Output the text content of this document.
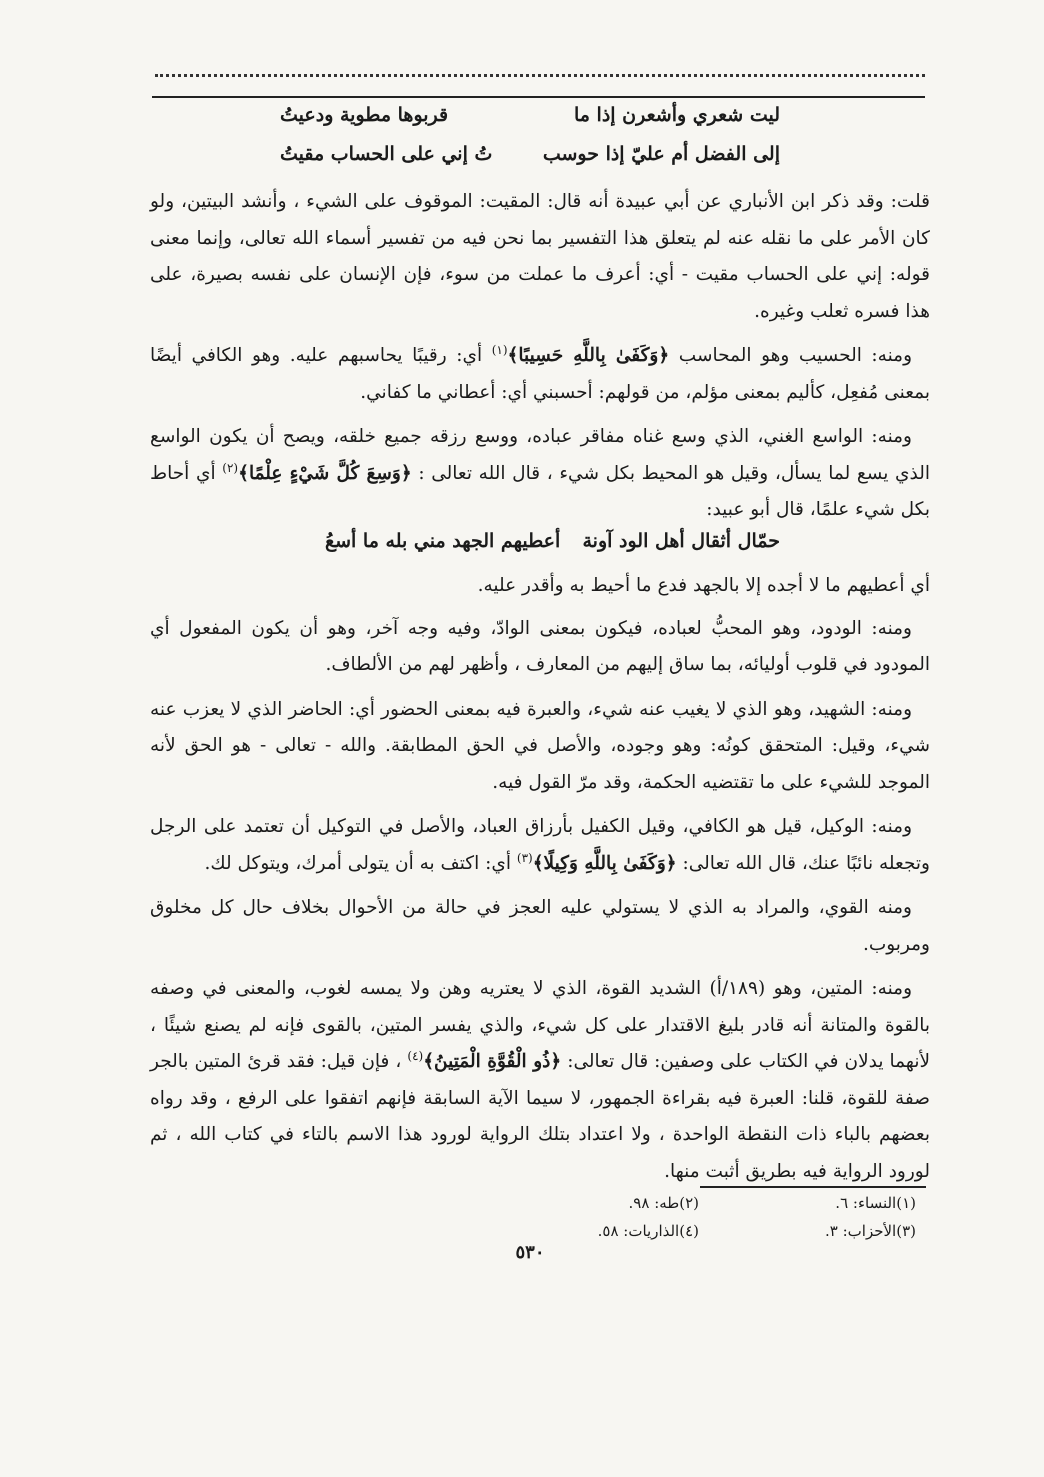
ليت شعري وأشعرن إذا ما
قربوها مطوية ودعيتُ
إلى الفضل أم عليّ إذا حوسب
تُ إني على الحساب مقيتُ

قلت: وقد ذكر ابن الأنباري عن أبي عبيدة أنه قال: المقيت: الموقوف على الشيء ، وأنشد البيتين، ولو كان الأمر على ما نقله عنه لم يتعلق هذا التفسير بما نحن فيه من تفسير أسماء الله تعالى، وإنما معنى قوله: إني على الحساب مقيت - أي: أعرف ما عملت من سوء، فإن الإنسان على نفسه بصيرة، على هذا فسره ثعلب وغيره.

ومنه: الحسيب وهو المحاسب ﴿وَكَفَىٰ بِاللَّهِ حَسِيبًا﴾$^{(١)}$ أي: رقيبًا يحاسبهم عليه. وهو الكافي أيضًا بمعنى مُفعِل، كأليم بمعنى مؤلم، من قولهم: أحسبني أي: أعطاني ما كفاني.

ومنه: الواسع الغني، الذي وسع غناه مفاقر عباده، ووسع رزقه جميع خلقه، ويصح أن يكون الواسع الذي يسع لما يسأل، وقيل هو المحيط بكل شيء ، قال الله تعالى : ﴿وَسِعَ كُلَّ شَيْءٍ عِلْمًا﴾$^{(٢)}$ أي أحاط بكل شيء علمًا، قال أبو عبيد:

حمّال أثقال أهل الود آونة
أعطيهم الجهد مني بله ما أسعُ

أي أعطيهم ما لا أجده إلا بالجهد فدع ما أحيط به وأقدر عليه.

ومنه: الودود، وهو المحبُّ لعباده، فيكون بمعنى الوادّ، وفيه وجه آخر، وهو أن يكون المفعول أي المودود في قلوب أوليائه، بما ساق إليهم من المعارف ، وأظهر لهم من الألطاف.

ومنه: الشهيد، وهو الذي لا يغيب عنه شيء، والعبرة فيه بمعنى الحضور أي: الحاضر الذي لا يعزب عنه شيء، وقيل: المتحقق كونُه: وهو وجوده، والأصل في الحق المطابقة. والله - تعالى - هو الحق لأنه الموجد للشيء على ما تقتضيه الحكمة، وقد مرّ القول فيه.

ومنه: الوكيل، قيل هو الكافي، وقيل الكفيل بأرزاق العباد، والأصل في التوكيل أن تعتمد على الرجل وتجعله نائبًا عنك، قال الله تعالى: ﴿وَكَفَىٰ بِاللَّهِ وَكِيلًا﴾$^{(٣)}$ أي: اكتف به أن يتولى أمرك، ويتوكل لك.

ومنه القوي، والمراد به الذي لا يستولي عليه العجز في حالة من الأحوال بخلاف حال كل مخلوق ومربوب.

ومنه: المتين، وهو (١٨٩/أ) الشديد القوة، الذي لا يعتريه وهن ولا يمسه لغوب، والمعنى في وصفه بالقوة والمتانة أنه قادر بليغ الاقتدار على كل شيء، والذي يفسر المتين، بالقوى فإنه لم يصنع شيئًا ، لأنهما يدلان في الكتاب على وصفين: قال تعالى: ﴿ذُو الْقُوَّةِ الْمَتِينُ﴾$^{(٤)}$ ، فإن قيل: فقد قرئ المتين بالجر صفة للقوة، قلنا: العبرة فيه بقراءة الجمهور، لا سيما الآية السابقة فإنهم اتفقوا على الرفع ، وقد رواه بعضهم بالباء ذات النقطة الواحدة ، ولا اعتداد بتلك الرواية لورود هذا الاسم بالتاء في كتاب الله ، ثم لورود الرواية فيه بطريق أثبت منها.

(١)النساء: ٦.
(٢)طه: ٩٨.
(٣)الأحزاب: ٣.
(٤)الذاريات: ٥٨.
٥٣٠
